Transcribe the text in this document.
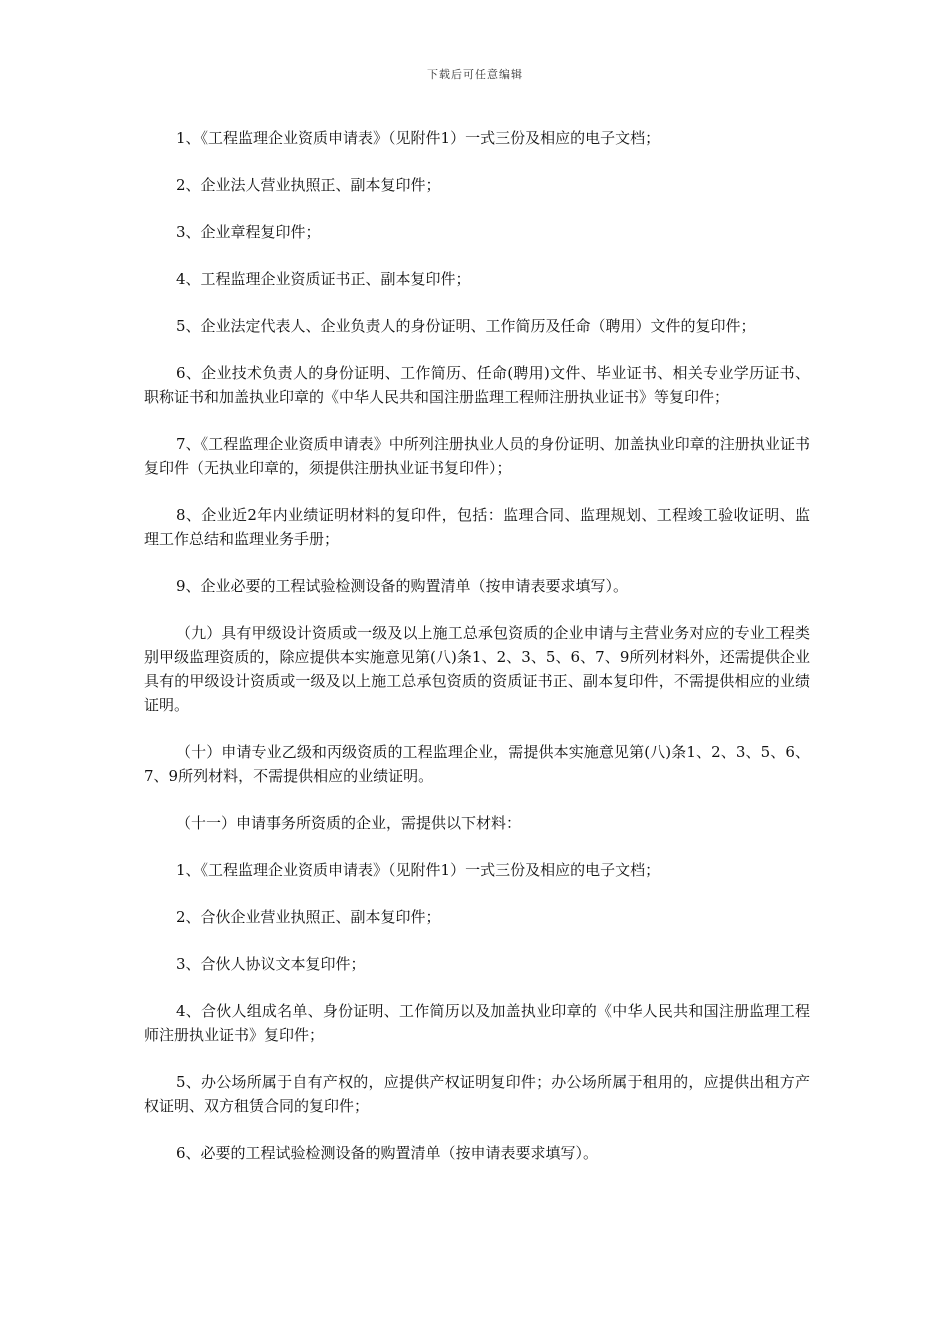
下载后可任意编辑

1、《工程监理企业资质申请表》（见附件1）一式三份及相应的电子文档；

2、企业法人营业执照正、副本复印件；

3、企业章程复印件；

4、工程监理企业资质证书正、副本复印件；

5、企业法定代表人、企业负责人的身份证明、工作简历及任命（聘用）文件的复印件；

6、企业技术负责人的身份证明、工作简历、任命(聘用)文件、毕业证书、相关专业学历证书、职称证书和加盖执业印章的《中华人民共和国注册监理工程师注册执业证书》等复印件；

7、《工程监理企业资质申请表》中所列注册执业人员的身份证明、加盖执业印章的注册执业证书复印件（无执业印章的，须提供注册执业证书复印件）；

8、企业近2年内业绩证明材料的复印件，包括：监理合同、监理规划、工程竣工验收证明、监理工作总结和监理业务手册；

9、企业必要的工程试验检测设备的购置清单（按申请表要求填写）。

（九）具有甲级设计资质或一级及以上施工总承包资质的企业申请与主营业务对应的专业工程类别甲级监理资质的，除应提供本实施意见第(八)条1、2、3、5、6、7、9所列材料外，还需提供企业具有的甲级设计资质或一级及以上施工总承包资质的资质证书正、副本复印件，不需提供相应的业绩证明。

（十）申请专业乙级和丙级资质的工程监理企业，需提供本实施意见第(八)条1、2、3、5、6、7、9所列材料，不需提供相应的业绩证明。

（十一）申请事务所资质的企业，需提供以下材料：

1、《工程监理企业资质申请表》（见附件1）一式三份及相应的电子文档；

2、合伙企业营业执照正、副本复印件；

3、合伙人协议文本复印件；

4、合伙人组成名单、身份证明、工作简历以及加盖执业印章的《中华人民共和国注册监理工程师注册执业证书》复印件；

5、办公场所属于自有产权的，应提供产权证明复印件；办公场所属于租用的，应提供出租方产权证明、双方租赁合同的复印件；

6、必要的工程试验检测设备的购置清单（按申请表要求填写）。
